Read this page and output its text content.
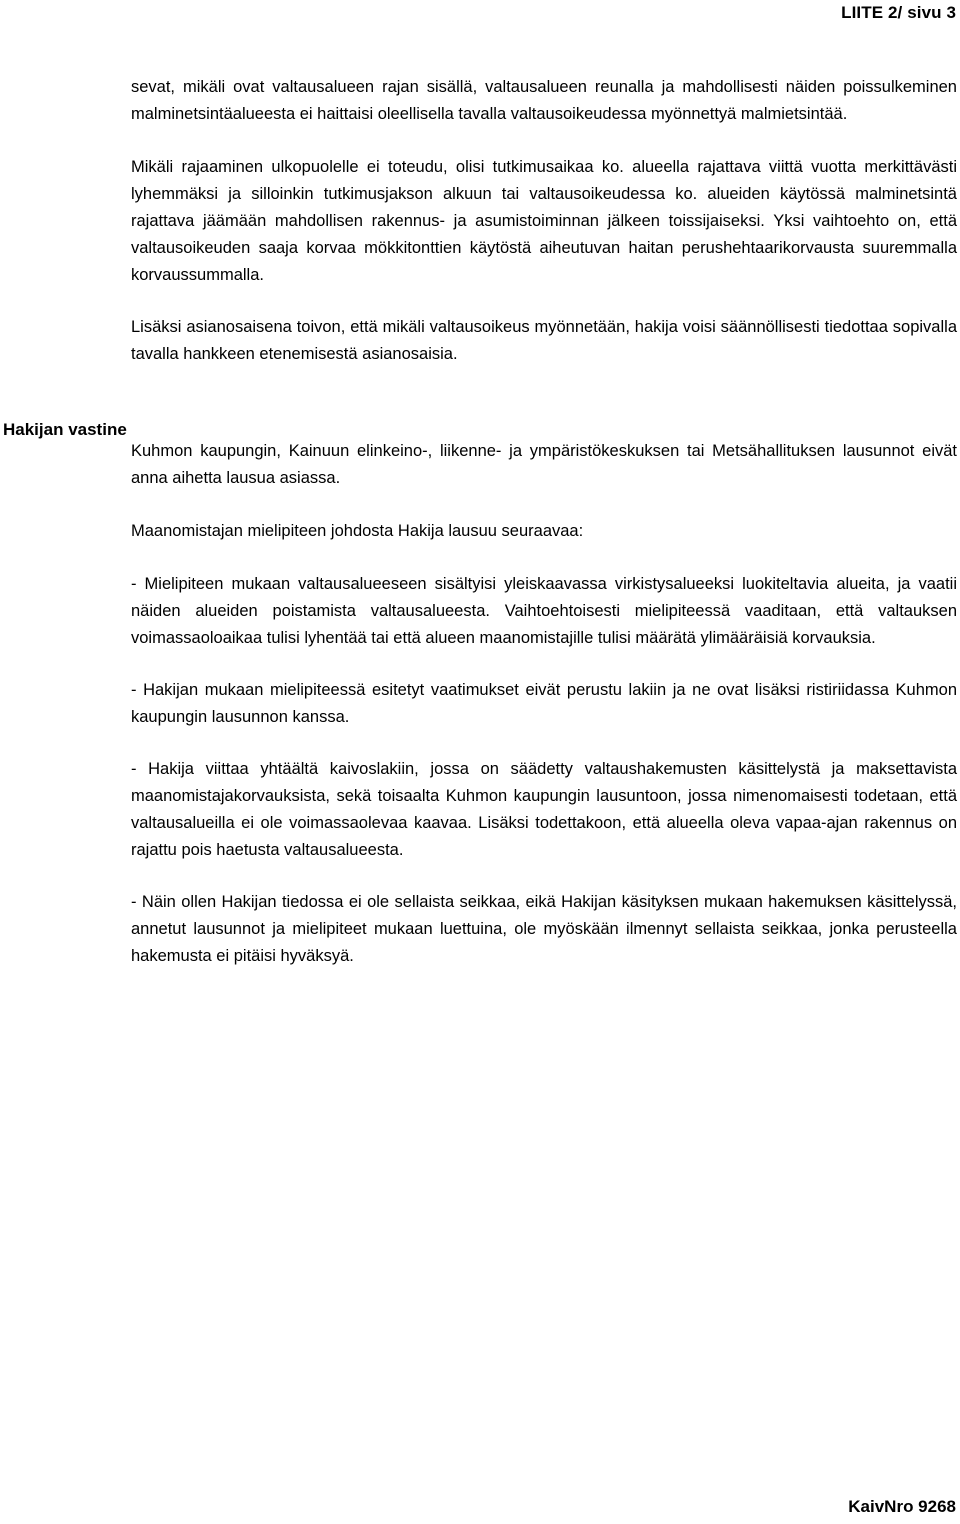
LIITE 2/ sivu 3
Hakijan vastine

sevat, mikäli ovat valtausalueen rajan sisällä, valtausalueen reunalla ja mahdollisesti näiden poissulkeminen malminetsintäalueesta ei haittaisi oleellisella tavalla valtausoikeudessa myönnettyä malmietsintää.

Mikäli rajaaminen ulkopuolelle ei toteudu, olisi tutkimusaikaa ko. alueella rajattava viittä vuotta merkittävästi lyhemmäksi ja silloinkin tutkimusjakson alkuun tai valtausoikeudessa ko. alueiden käytössä malminetsintä rajattava jäämään mahdollisen rakennus- ja asumistoiminnan jälkeen toissijaiseksi. Yksi vaihtoehto on, että valtausoikeuden saaja korvaa mökkitonttien käytöstä aiheutuvan haitan perushehtaarikorvausta suuremmalla korvaussummalla.

Lisäksi asianosaisena toivon, että mikäli valtausoikeus myönnetään, hakija voisi säännöllisesti tiedottaa sopivalla tavalla hankkeen etenemisestä asianosaisia.

Kuhmon kaupungin, Kainuun elinkeino-, liikenne- ja ympäristökeskuksen tai Metsähallituksen lausunnot eivät anna aihetta lausua asiassa.

Maanomistajan mielipiteen johdosta Hakija lausuu seuraavaa:

- Mielipiteen mukaan valtausalueeseen sisältyisi yleiskaavassa virkistysalueeksi luokiteltavia alueita, ja vaatii näiden alueiden poistamista valtausalueesta. Vaihtoehtoisesti mielipiteessä vaaditaan, että valtauksen voimassaoloaikaa tulisi lyhentää tai että alueen maanomistajille tulisi määrätä ylimääräisiä korvauksia.

- Hakijan mukaan mielipiteessä esitetyt vaatimukset eivät perustu lakiin ja ne ovat lisäksi ristiriidassa Kuhmon kaupungin lausunnon kanssa.

- Hakija viittaa yhtäältä kaivoslakiin, jossa on säädetty valtaushakemusten käsittelystä ja maksettavista maanomistajakorvauksista, sekä toisaalta Kuhmon kaupungin lausuntoon, jossa nimenomaisesti todetaan, että valtausalueilla ei ole voimassaolevaa kaavaa. Lisäksi todettakoon, että alueella oleva vapaa-ajan rakennus on rajattu pois haetusta valtausalueesta.

- Näin ollen Hakijan tiedossa ei ole sellaista seikkaa, eikä Hakijan käsityksen mukaan hakemuksen käsittelyssä, annetut lausunnot ja mielipiteet mukaan luettuina, ole myöskään ilmennyt sellaista seikkaa, jonka perusteella hakemusta ei pitäisi hyväksyä.

KaivNro 9268
